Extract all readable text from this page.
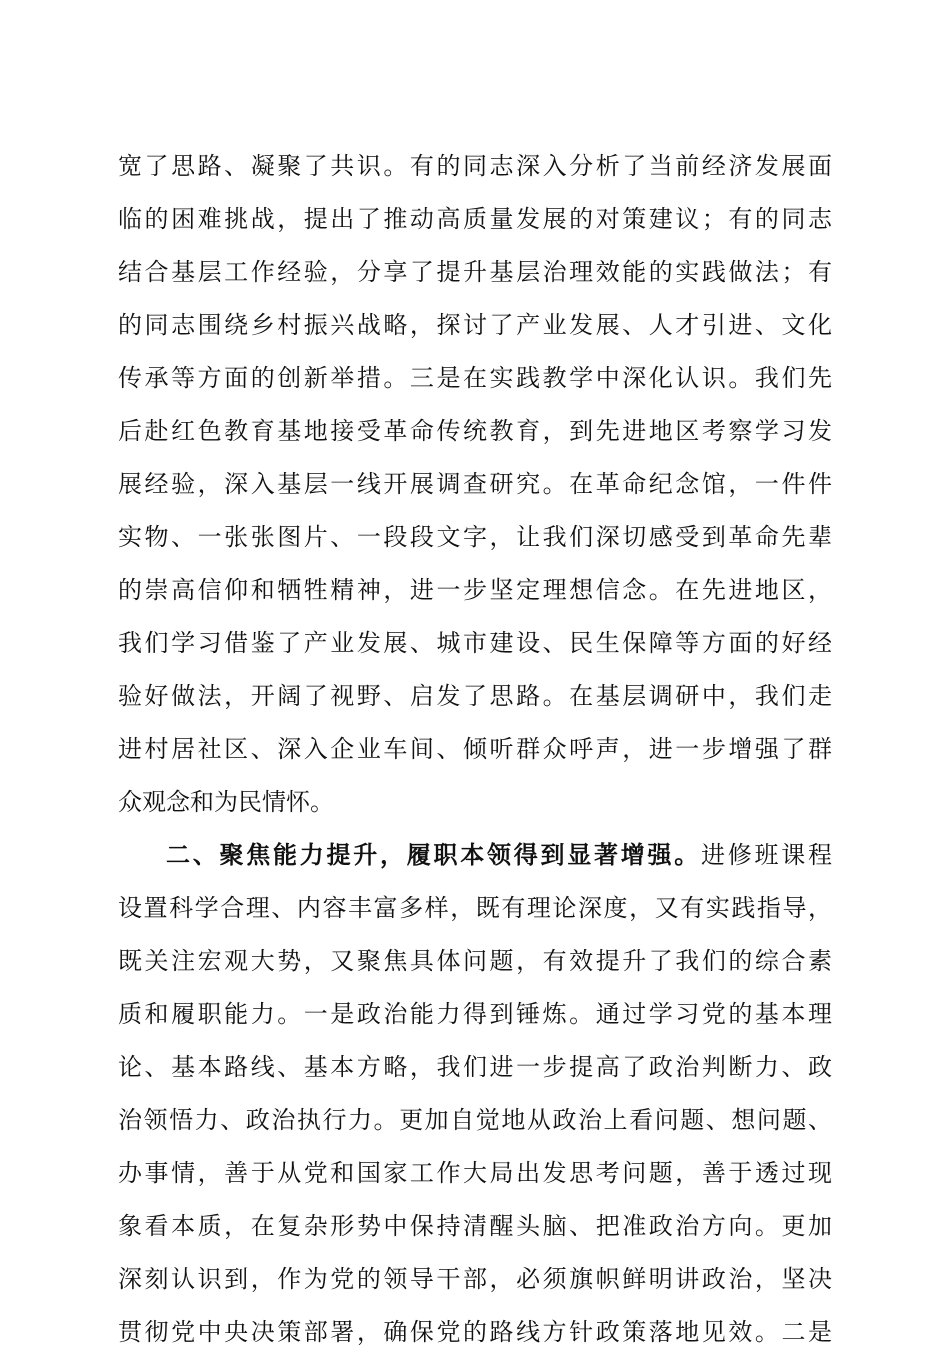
宽了思路、凝聚了共识。有的同志深入分析了当前经济发展面
临的困难挑战，提出了推动高质量发展的对策建议；有的同志
结合基层工作经验，分享了提升基层治理效能的实践做法；有
的同志围绕乡村振兴战略，探讨了产业发展、人才引进、文化
传承等方面的创新举措。三是在实践教学中深化认识。我们先
后赴红色教育基地接受革命传统教育，到先进地区考察学习发
展经验，深入基层一线开展调查研究。在革命纪念馆，一件件
实物、一张张图片、一段段文字，让我们深切感受到革命先辈
的崇高信仰和牺牲精神，进一步坚定理想信念。在先进地区，
我们学习借鉴了产业发展、城市建设、民生保障等方面的好经
验好做法，开阔了视野、启发了思路。在基层调研中，我们走
进村居社区、深入企业车间、倾听群众呼声，进一步增强了群
众观念和为民情怀。
二、聚焦能力提升，履职本领得到显著增强。进修班课程
设置科学合理、内容丰富多样，既有理论深度，又有实践指导，
既关注宏观大势，又聚焦具体问题，有效提升了我们的综合素
质和履职能力。一是政治能力得到锤炼。通过学习党的基本理
论、基本路线、基本方略，我们进一步提高了政治判断力、政
治领悟力、政治执行力。更加自觉地从政治上看问题、想问题、
办事情，善于从党和国家工作大局出发思考问题，善于透过现
象看本质，在复杂形势中保持清醒头脑、把准政治方向。更加
深刻认识到，作为党的领导干部，必须旗帜鲜明讲政治，坚决
贯彻党中央决策部署，确保党的路线方针政策落地见效。二是
